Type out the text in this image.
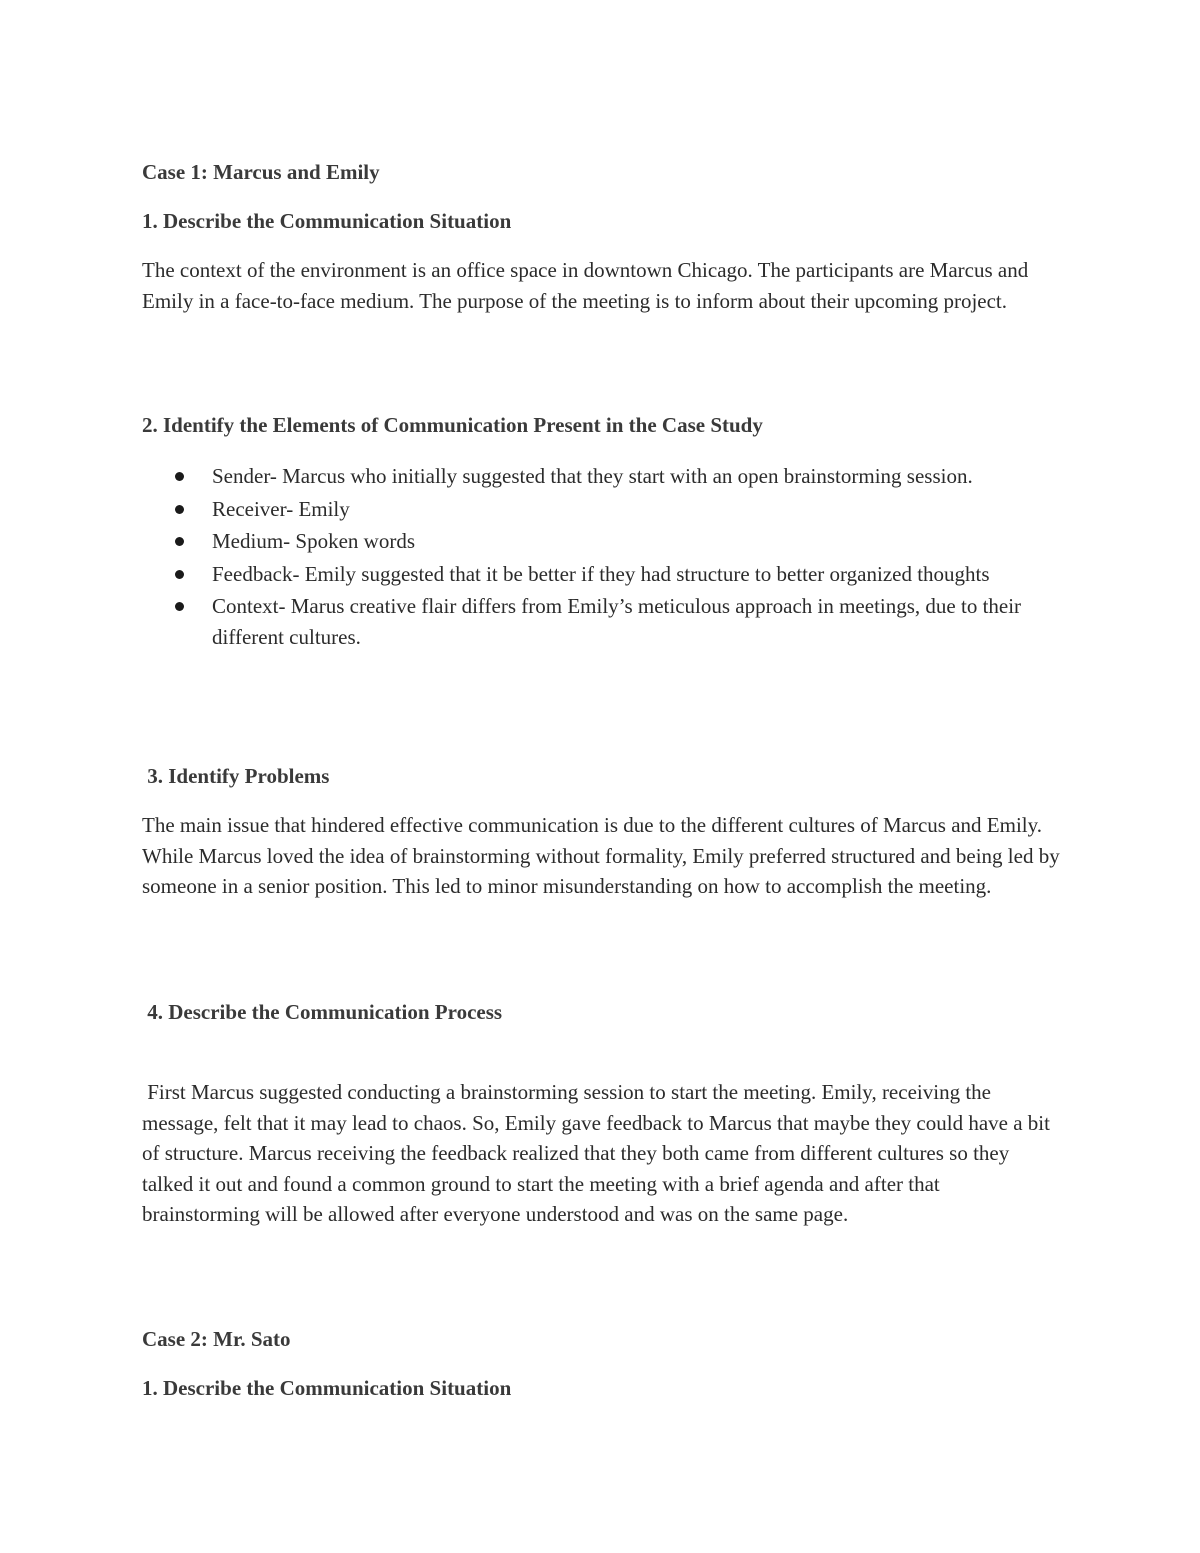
Case 1: Marcus and Emily
1. Describe the Communication Situation

The context of the environment is an office space in downtown Chicago. The participants are Marcus and Emily in a face-to-face medium. The purpose of the meeting is to inform about their upcoming project.

2. Identify the Elements of Communication Present in the Case Study
Sender- Marcus who initially suggested that they start with an open brainstorming session.
Receiver- Emily
Medium- Spoken words
Feedback- Emily suggested that it be better if they had structure to better organized thoughts
Context- Marus creative flair differs from Emily’s meticulous approach in meetings, due to their different cultures.
3. Identify Problems

The main issue that hindered effective communication is due to the different cultures of Marcus and Emily. While Marcus loved the idea of brainstorming without formality, Emily preferred structured and being led by someone in a senior position. This led to minor misunderstanding on how to accomplish the meeting.

4. Describe the Communication Process

First Marcus suggested conducting a brainstorming session to start the meeting. Emily, receiving the message, felt that it may lead to chaos. So, Emily gave feedback to Marcus that maybe they could have a bit of structure. Marcus receiving the feedback realized that they both came from different cultures so they talked it out and found a common ground to start the meeting with a brief agenda and after that brainstorming will be allowed after everyone understood and was on the same page.

Case 2: Mr. Sato
1. Describe the Communication Situation
